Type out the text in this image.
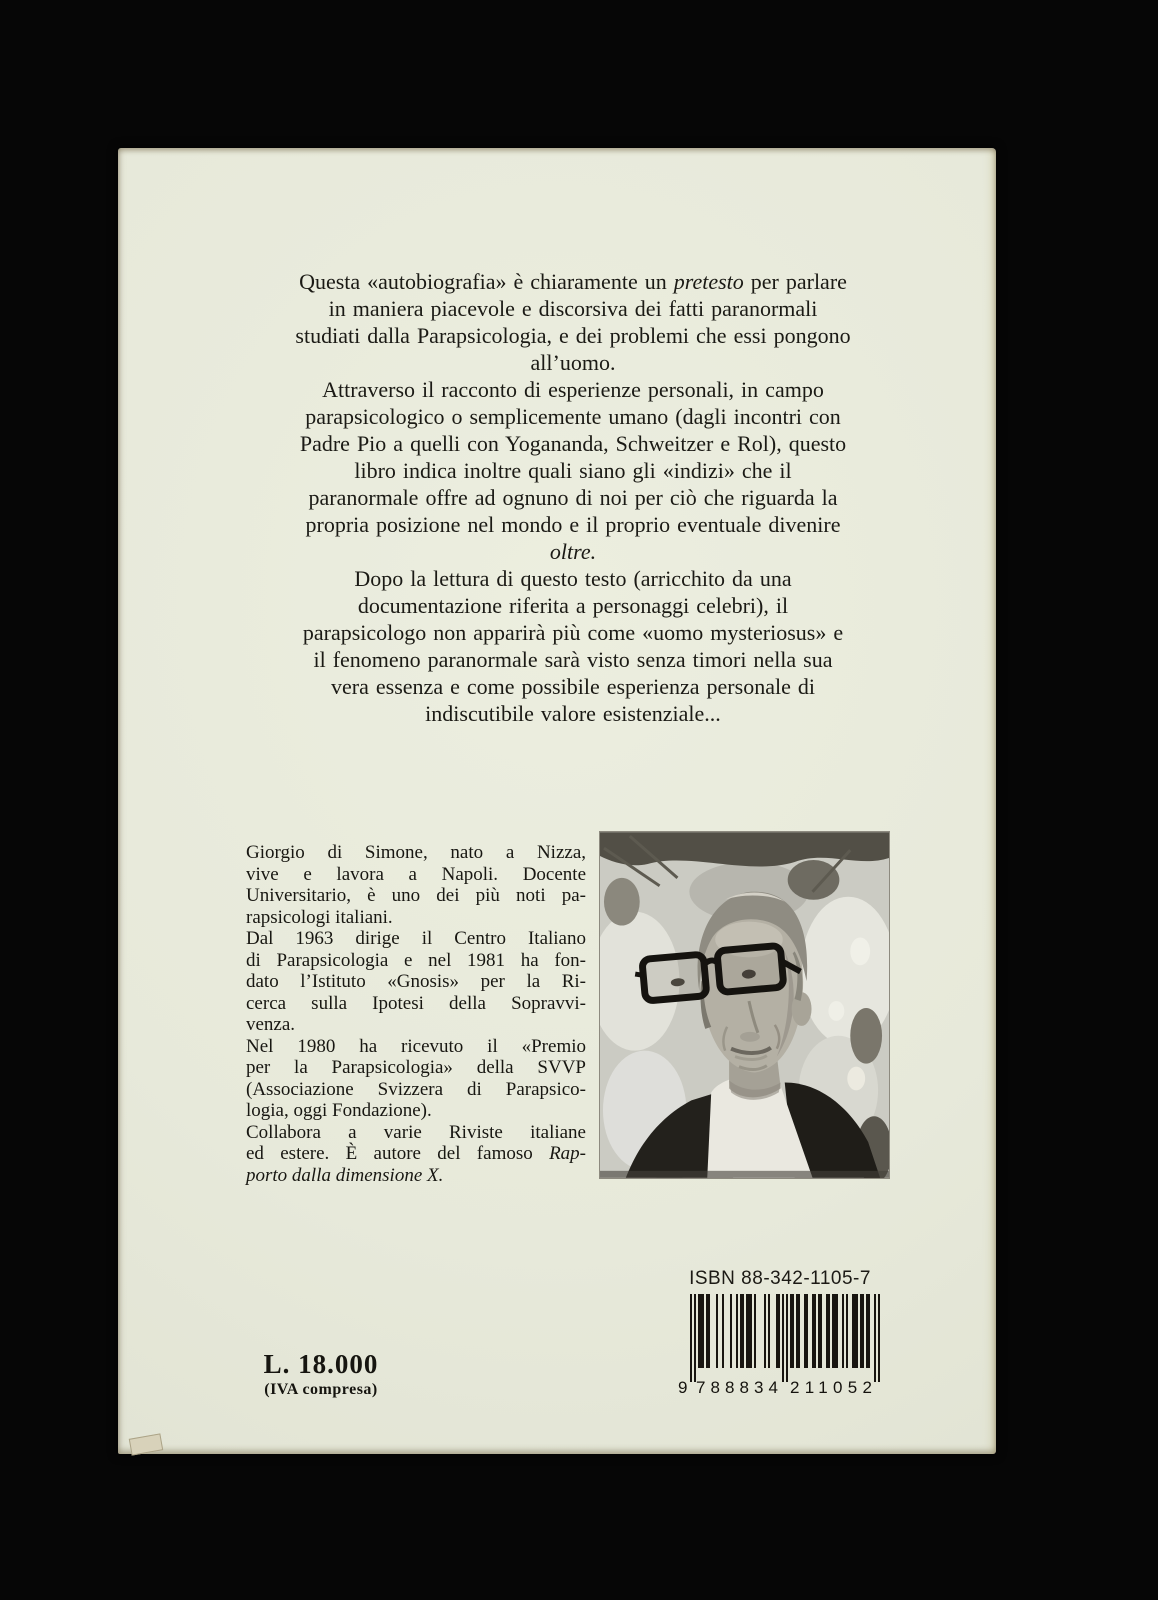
Questa «autobiografia» è chiaramente un pretesto per parlare
in maniera piacevole e discorsiva dei fatti paranormali
studiati dalla Parapsicologia, e dei problemi che essi pongono
all’uomo.
Attraverso il racconto di esperienze personali, in campo
parapsicologico o semplicemente umano (dagli incontri con
Padre Pio a quelli con Yogananda, Schweitzer e Rol), questo
libro indica inoltre quali siano gli «indizi» che il
paranormale offre ad ognuno di noi per ciò che riguarda la
propria posizione nel mondo e il proprio eventuale divenire
oltre.
Dopo la lettura di questo testo (arricchito da una
documentazione riferita a personaggi celebri), il
parapsicologo non apparirà più come «uomo mysteriosus» e
il fenomeno paranormale sarà visto senza timori nella sua
vera essenza e come possibile esperienza personale di
indiscutibile valore esistenziale...
Giorgio di Simone, nato a Nizza,
vive e lavora a Napoli. Docente
Universitario, è uno dei più noti pa-
rapsicologi italiani.
Dal 1963 dirige il Centro Italiano
di Parapsicologia e nel 1981 ha fon-
dato l’Istituto «Gnosis» per la Ri-
cerca sulla Ipotesi della Sopravvi-
venza.
Nel 1980 ha ricevuto il «Premio
per la Parapsicologia» della SVVP
(Associazione Svizzera di Parapsico-
logia, oggi Fondazione).
Collabora a varie Riviste italiane
ed estere. È autore del famoso Rap-
porto dalla dimensione X.
ISBN 88-342-1105-7
9 788834 211052
L. 18.000
(IVA compresa)
